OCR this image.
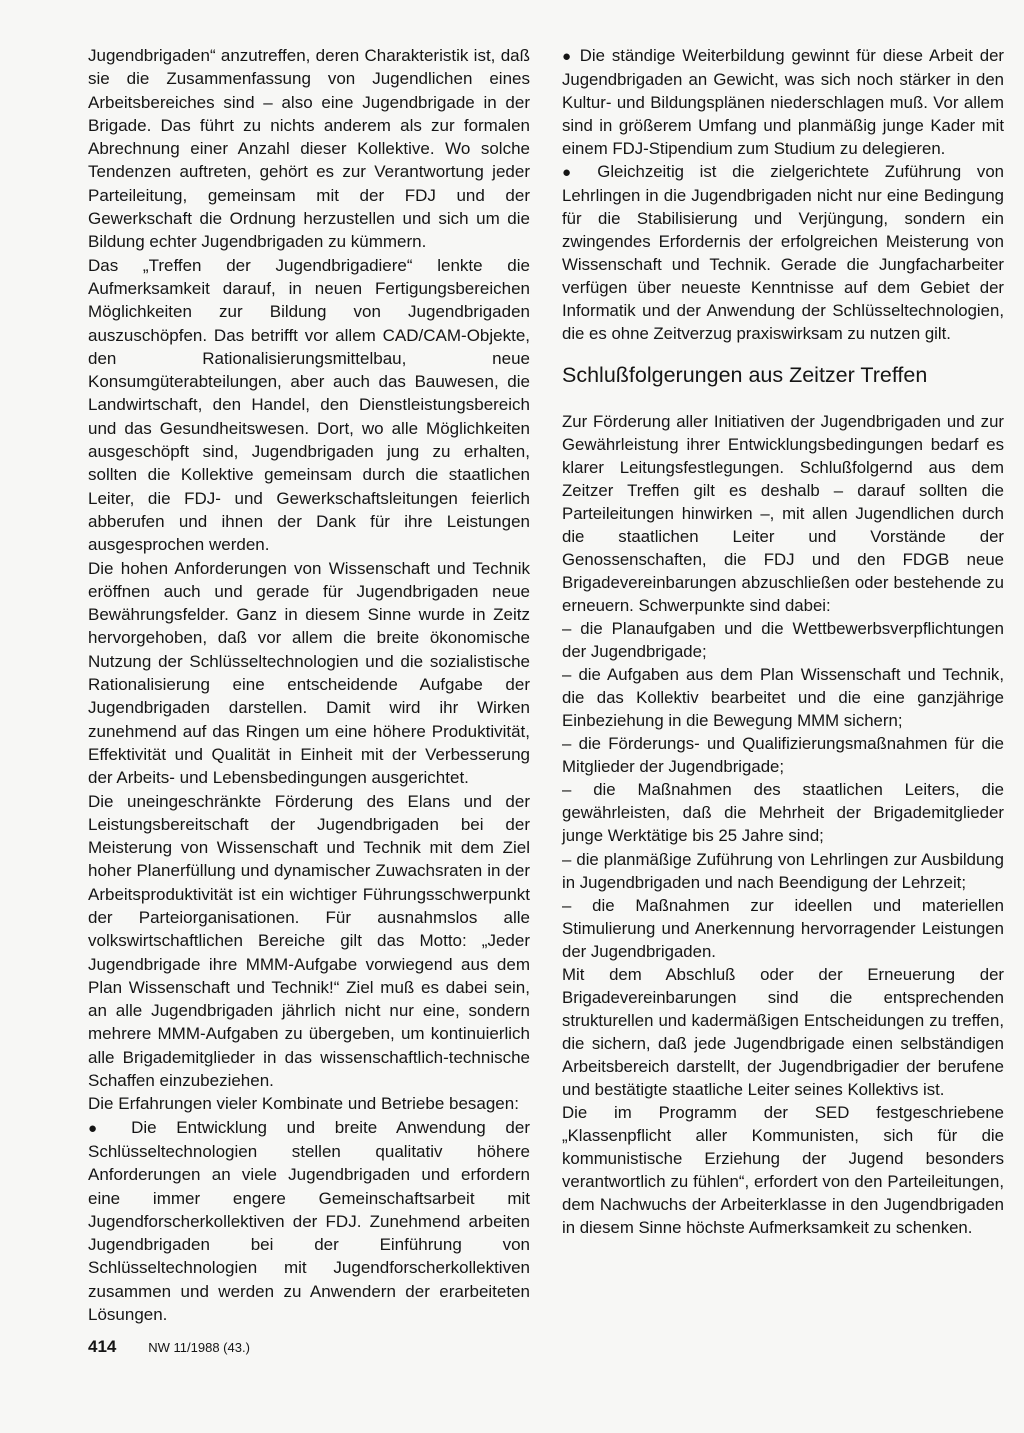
Jugendbrigaden“ anzutreffen, deren Charakteristik ist, daß sie die Zusammenfassung von Jugendlichen eines Arbeitsbereiches sind – also eine Jugendbrigade in der Brigade. Das führt zu nichts anderem als zur formalen Abrechnung einer Anzahl dieser Kollektive. Wo solche Tendenzen auftreten, gehört es zur Verantwortung jeder Parteileitung, gemeinsam mit der FDJ und der Gewerkschaft die Ordnung herzustellen und sich um die Bildung echter Jugendbrigaden zu kümmern.

Das „Treffen der Jugendbrigadiere“ lenkte die Aufmerksamkeit darauf, in neuen Fertigungsbereichen Möglichkeiten zur Bildung von Jugendbrigaden auszuschöpfen. Das betrifft vor allem CAD/CAM-Objekte, den Rationalisierungsmittelbau, neue Konsumgüterabteilungen, aber auch das Bauwesen, die Landwirtschaft, den Handel, den Dienstleistungsbereich und das Gesundheitswesen. Dort, wo alle Möglichkeiten ausgeschöpft sind, Jugendbrigaden jung zu erhalten, sollten die Kollektive gemeinsam durch die staatlichen Leiter, die FDJ- und Gewerkschaftsleitungen feierlich abberufen und ihnen der Dank für ihre Leistungen ausgesprochen werden.

Die hohen Anforderungen von Wissenschaft und Technik eröffnen auch und gerade für Jugendbrigaden neue Bewährungsfelder. Ganz in diesem Sinne wurde in Zeitz hervorgehoben, daß vor allem die breite ökonomische Nutzung der Schlüsseltechnologien und die sozialistische Rationalisierung eine entscheidende Aufgabe der Jugendbrigaden darstellen. Damit wird ihr Wirken zunehmend auf das Ringen um eine höhere Produktivität, Effektivität und Qualität in Einheit mit der Verbesserung der Arbeits- und Lebensbedingungen ausgerichtet.

Die uneingeschränkte Förderung des Elans und der Leistungsbereitschaft der Jugendbrigaden bei der Meisterung von Wissenschaft und Technik mit dem Ziel hoher Planerfüllung und dynamischer Zuwachsraten in der Arbeitsproduktivität ist ein wichtiger Führungsschwerpunkt der Parteiorganisationen. Für ausnahmslos alle volkswirtschaftlichen Bereiche gilt das Motto: „Jeder Jugendbrigade ihre MMM-Aufgabe vorwiegend aus dem Plan Wissenschaft und Technik!“ Ziel muß es dabei sein, an alle Jugendbrigaden jährlich nicht nur eine, sondern mehrere MMM-Aufgaben zu übergeben, um kontinuierlich alle Brigademitglieder in das wissenschaftlich-technische Schaffen einzubeziehen.

Die Erfahrungen vieler Kombinate und Betriebe besagen:

● Die Entwicklung und breite Anwendung der Schlüsseltechnologien stellen qualitativ höhere Anforderungen an viele Jugendbrigaden und erfordern eine immer engere Gemeinschaftsarbeit mit Jugendforscherkollektiven der FDJ. Zunehmend arbeiten Jugendbrigaden bei der Einführung von Schlüsseltechnologien mit Jugendforscherkollektiven zusammen und werden zu Anwendern der erarbeiteten Lösungen.

● Die ständige Weiterbildung gewinnt für diese Arbeit der Jugendbrigaden an Gewicht, was sich noch stärker in den Kultur- und Bildungsplänen niederschlagen muß. Vor allem sind in größerem Umfang und planmäßig junge Kader mit einem FDJ-Stipendium zum Studium zu delegieren.

● Gleichzeitig ist die zielgerichtete Zuführung von Lehrlingen in die Jugendbrigaden nicht nur eine Bedingung für die Stabilisierung und Verjüngung, sondern ein zwingendes Erfordernis der erfolgreichen Meisterung von Wissenschaft und Technik. Gerade die Jungfacharbeiter verfügen über neueste Kenntnisse auf dem Gebiet der Informatik und der Anwendung der Schlüsseltechnologien, die es ohne Zeitverzug praxiswirksam zu nutzen gilt.

Schlußfolgerungen aus Zeitzer Treffen

Zur Förderung aller Initiativen der Jugendbrigaden und zur Gewährleistung ihrer Entwicklungsbedingungen bedarf es klarer Leitungsfestlegungen. Schlußfolgernd aus dem Zeitzer Treffen gilt es deshalb – darauf sollten die Parteileitungen hinwirken –, mit allen Jugendlichen durch die staatlichen Leiter und Vorstände der Genossenschaften, die FDJ und den FDGB neue Brigadevereinbarungen abzuschließen oder bestehende zu erneuern. Schwerpunkte sind dabei:

– die Planaufgaben und die Wettbewerbsverpflichtungen der Jugendbrigade;

– die Aufgaben aus dem Plan Wissenschaft und Technik, die das Kollektiv bearbeitet und die eine ganzjährige Einbeziehung in die Bewegung MMM sichern;

– die Förderungs- und Qualifizierungsmaßnahmen für die Mitglieder der Jugendbrigade;

– die Maßnahmen des staatlichen Leiters, die gewährleisten, daß die Mehrheit der Brigademitglieder junge Werktätige bis 25 Jahre sind;

– die planmäßige Zuführung von Lehrlingen zur Ausbildung in Jugendbrigaden und nach Beendigung der Lehrzeit;

– die Maßnahmen zur ideellen und materiellen Stimulierung und Anerkennung hervorragender Leistungen der Jugendbrigaden.

Mit dem Abschluß oder der Erneuerung der Brigadevereinbarungen sind die entsprechenden strukturellen und kadermäßigen Entscheidungen zu treffen, die sichern, daß jede Jugendbrigade einen selbständigen Arbeitsbereich darstellt, der Jugendbrigadier der berufene und bestätigte staatliche Leiter seines Kollektivs ist.

Die im Programm der SED festgeschriebene „Klassenpflicht aller Kommunisten, sich für die kommunistische Erziehung der Jugend besonders verantwortlich zu fühlen“, erfordert von den Parteileitungen, dem Nachwuchs der Arbeiterklasse in den Jugendbrigaden in diesem Sinne höchste Aufmerksamkeit zu schenken.

414 NW 11/1988 (43.)
